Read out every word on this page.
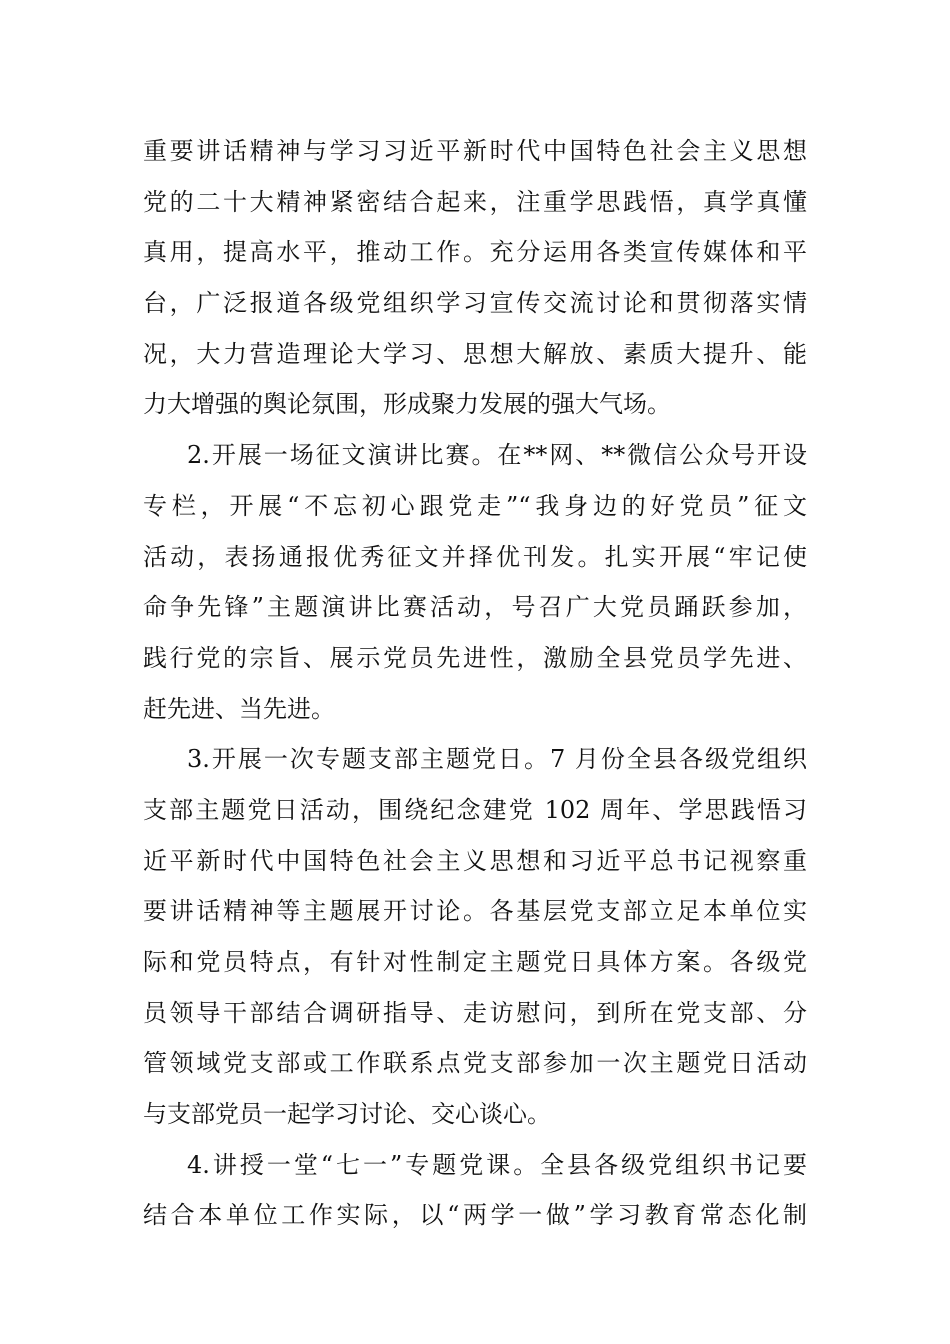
重要讲话精神与学习习近平新时代中国特色社会主义思想
党的二十大精神紧密结合起来，注重学思践悟，真学真懂
真用，提高水平，推动工作。充分运用各类宣传媒体和平
台，广泛报道各级党组织学习宣传交流讨论和贯彻落实情
况，大力营造理论大学习、思想大解放、素质大提升、能
力大增强的舆论氛围，形成聚力发展的强大气场。
2.开展一场征文演讲比赛。在**网、**微信公众号开设
专栏，开展“不忘初心跟党走”“我身边的好党员”征文
活动，表扬通报优秀征文并择优刊发。扎实开展“牢记使
命争先锋”主题演讲比赛活动，号召广大党员踊跃参加，
践行党的宗旨、展示党员先进性，激励全县党员学先进、
赶先进、当先进。
3.开展一次专题支部主题党日。7 月份全县各级党组织
支部主题党日活动，围绕纪念建党 102 周年、学思践悟习
近平新时代中国特色社会主义思想和习近平总书记视察重
要讲话精神等主题展开讨论。各基层党支部立足本单位实
际和党员特点，有针对性制定主题党日具体方案。各级党
员领导干部结合调研指导、走访慰问，到所在党支部、分
管领域党支部或工作联系点党支部参加一次主题党日活动
与支部党员一起学习讨论、交心谈心。
4.讲授一堂“七一”专题党课。全县各级党组织书记要
结合本单位工作实际，以“两学一做”学习教育常态化制
